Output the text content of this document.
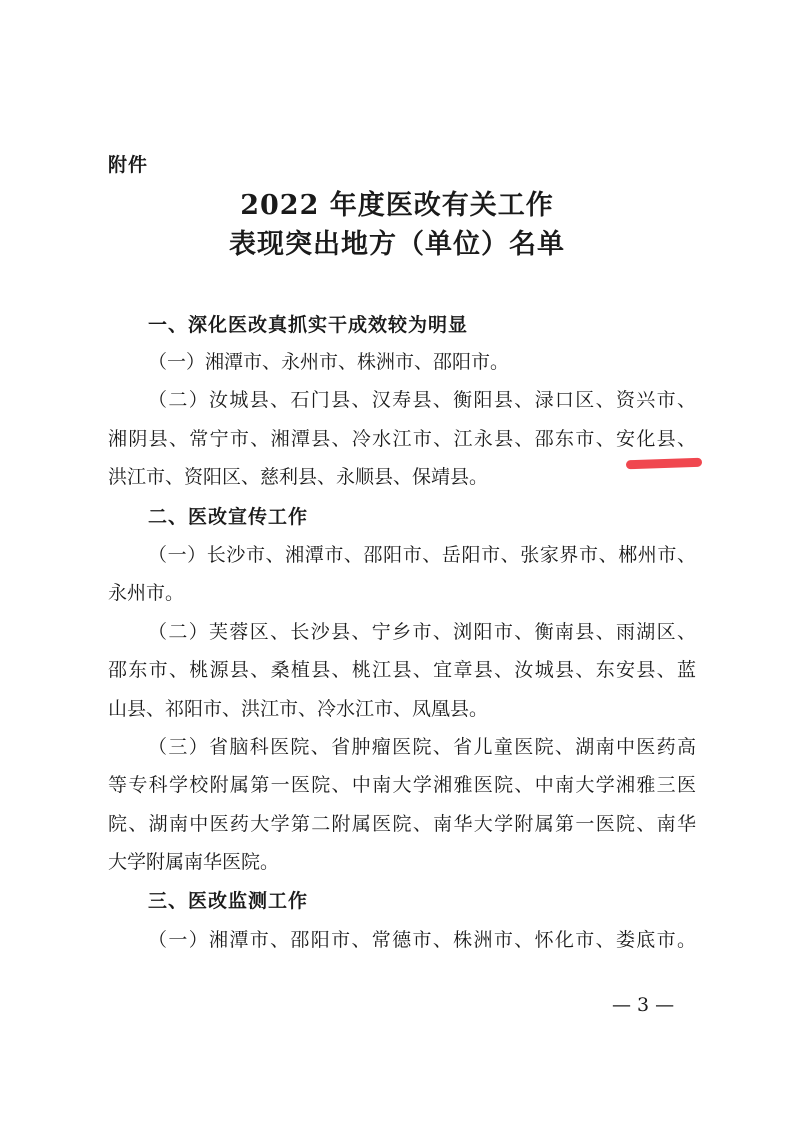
附件
2022 年度医改有关工作
表现突出地方（单位）名单
一、深化医改真抓实干成效较为明显
（一）湘潭市、永州市、株洲市、邵阳市。
（二）汝城县、石门县、汉寿县、衡阳县、渌口区、资兴市、
湘阴县、常宁市、湘潭县、冷水江市、江永县、邵东市、安化县、
洪江市、资阳区、慈利县、永顺县、保靖县。
二、医改宣传工作
（一）长沙市、湘潭市、邵阳市、岳阳市、张家界市、郴州市、
永州市。
（二）芙蓉区、长沙县、宁乡市、浏阳市、衡南县、雨湖区、
邵东市、桃源县、桑植县、桃江县、宜章县、汝城县、东安县、蓝
山县、祁阳市、洪江市、冷水江市、凤凰县。
（三）省脑科医院、省肿瘤医院、省儿童医院、湖南中医药高
等专科学校附属第一医院、中南大学湘雅医院、中南大学湘雅三医
院、湖南中医药大学第二附属医院、南华大学附属第一医院、南华
大学附属南华医院。
三、医改监测工作
（一）湘潭市、邵阳市、常德市、株洲市、怀化市、娄底市。
— 3 —
